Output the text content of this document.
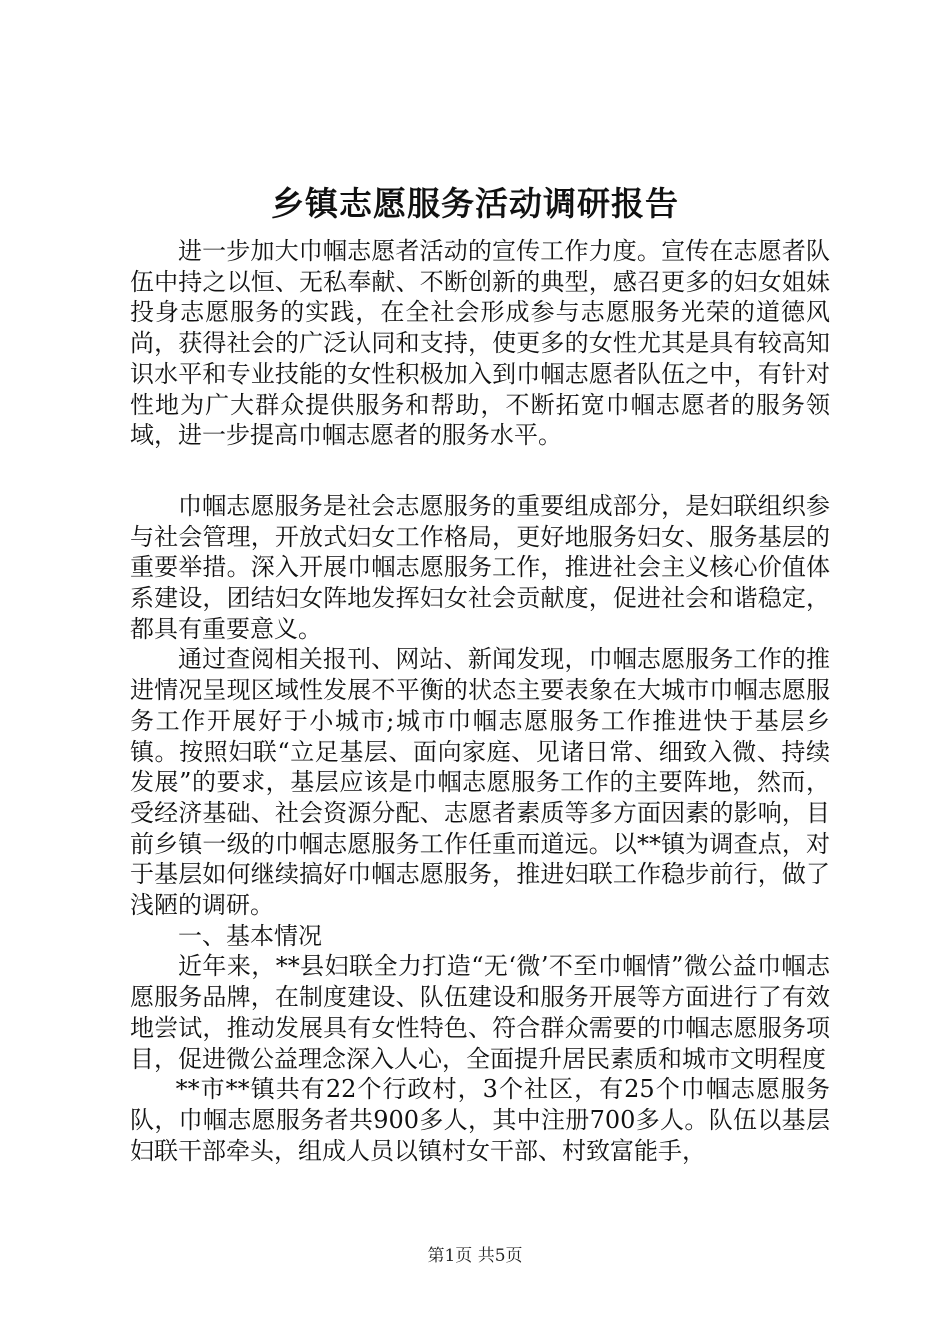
乡镇志愿服务活动调研报告

进一步加大巾帼志愿者活动的宣传工作力度。宣传在志愿者队伍中持之以恒、无私奉献、不断创新的典型，感召更多的妇女姐妹投身志愿服务的实践，在全社会形成参与志愿服务光荣的道德风尚，获得社会的广泛认同和支持，使更多的女性尤其是具有较高知识水平和专业技能的女性积极加入到巾帼志愿者队伍之中，有针对性地为广大群众提供服务和帮助，不断拓宽巾帼志愿者的服务领域，进一步提高巾帼志愿者的服务水平。

巾帼志愿服务是社会志愿服务的重要组成部分，是妇联组织参与社会管理，开放式妇女工作格局，更好地服务妇女、服务基层的重要举措。深入开展巾帼志愿服务工作，推进社会主义核心价值体系建设，团结妇女阵地发挥妇女社会贡献度，促进社会和谐稳定，都具有重要意义。

通过查阅相关报刊、网站、新闻发现，巾帼志愿服务工作的推进情况呈现区域性发展不平衡的状态主要表象在大城市巾帼志愿服务工作开展好于小城市;城市巾帼志愿服务工作推进快于基层乡镇。按照妇联“立足基层、面向家庭、见诸日常、细致入微、持续发展”的要求，基层应该是巾帼志愿服务工作的主要阵地，然而，受经济基础、社会资源分配、志愿者素质等多方面因素的影响，目前乡镇一级的巾帼志愿服务工作任重而道远。以**镇为调查点，对于基层如何继续搞好巾帼志愿服务，推进妇联工作稳步前行，做了浅陋的调研。

一、基本情况

近年来，**县妇联全力打造“无‘微’不至巾帼情”微公益巾帼志愿服务品牌，在制度建设、队伍建设和服务开展等方面进行了有效地尝试，推动发展具有女性特色、符合群众需要的巾帼志愿服务项目，促进微公益理念深入人心，全面提升居民素质和城市文明程度

**市**镇共有22个行政村，3个社区，有25个巾帼志愿服务队，巾帼志愿服务者共900多人，其中注册700多人。队伍以基层妇联干部牵头，组成人员以镇村女干部、村致富能手，

第1页 共5页
